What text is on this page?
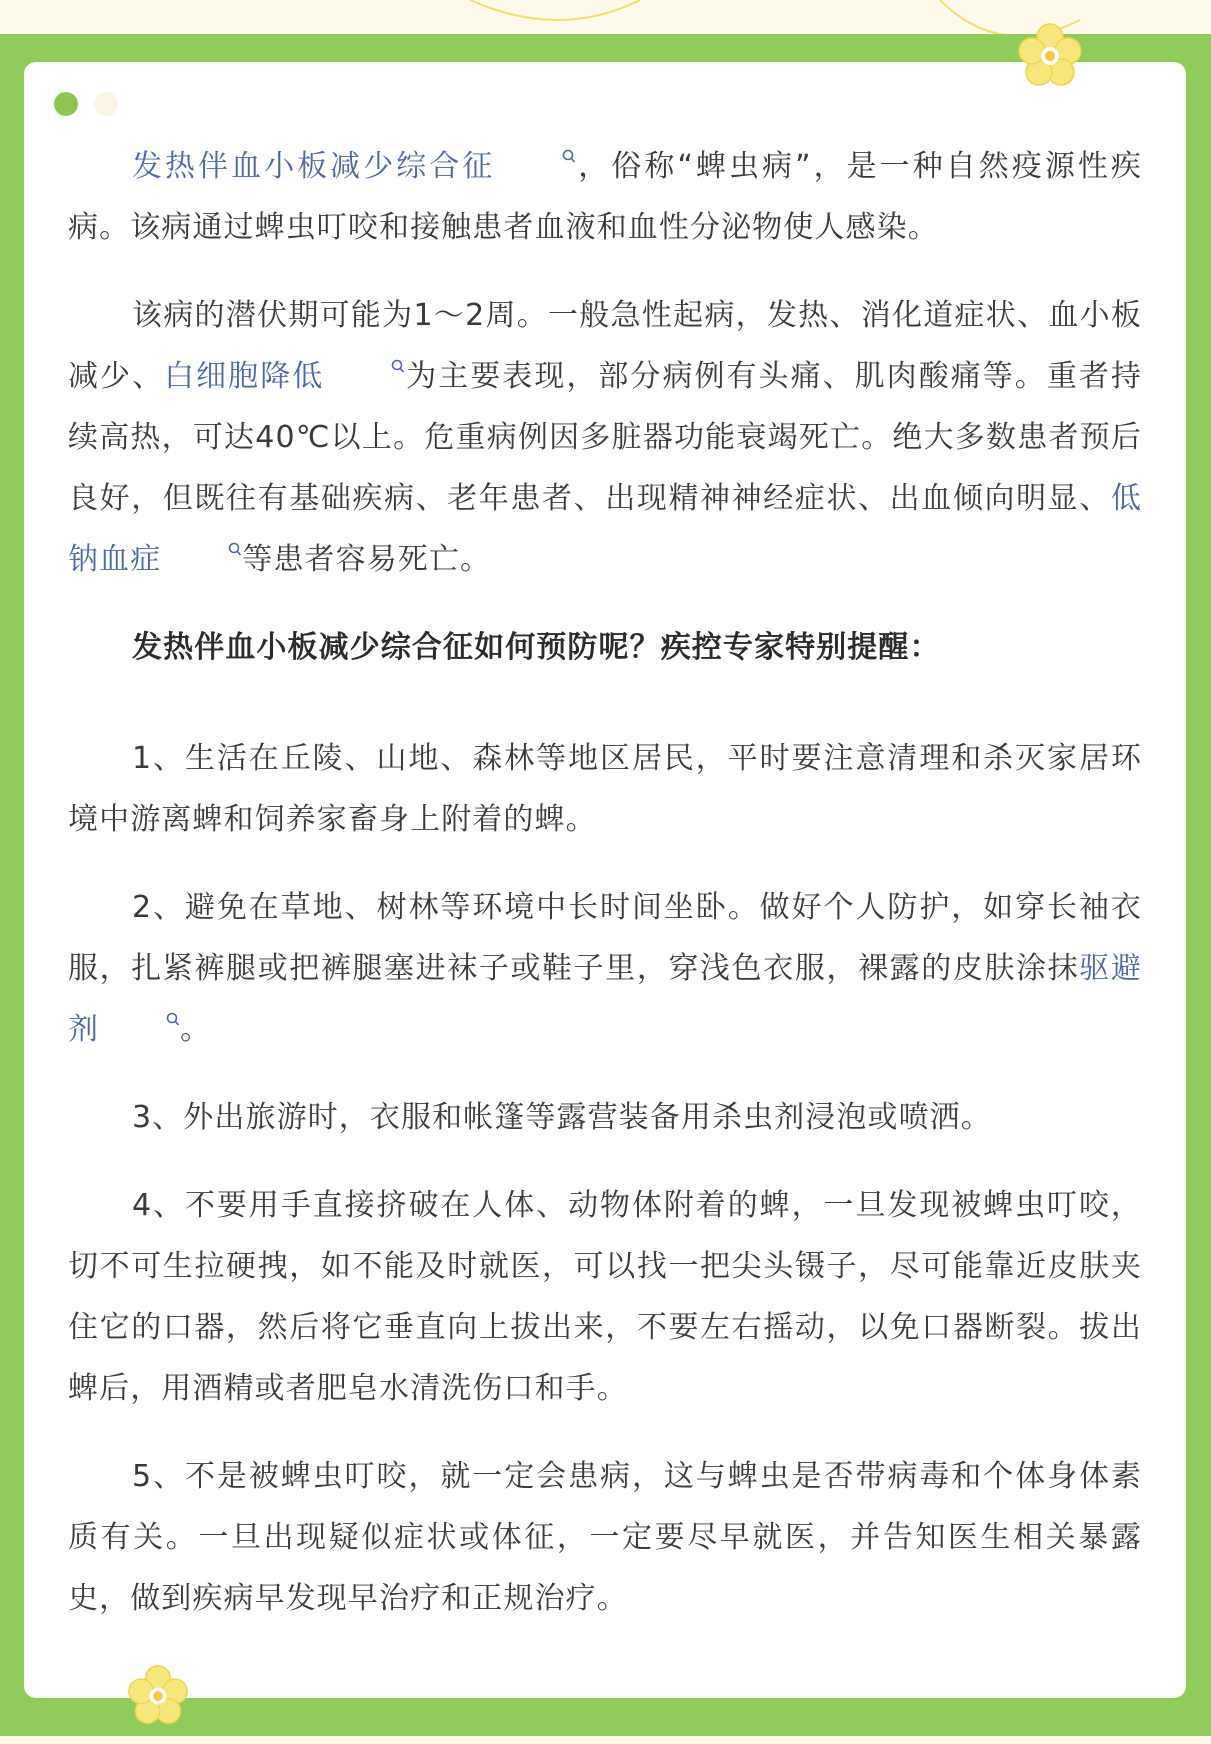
发热伴血小板减少综合征	，俗称“蜱虫病”，是一种自然疫源性疾病。该病通过蜱虫叮咬和接触患者血液和血性分泌物使人感染。

该病的潜伏期可能为1～2周。一般急性起病，发热、消化道症状、血小板减少、白细胞降低	为主要表现，部分病例有头痛、肌肉酸痛等。重者持续高热，可达40℃以上。危重病例因多脏器功能衰竭死亡。绝大多数患者预后良好，但既往有基础疾病、老年患者、出现精神神经症状、出血倾向明显、低钠血症	等患者容易死亡。

发热伴血小板减少综合征如何预防呢？疾控专家特别提醒：

1、生活在丘陵、山地、森林等地区居民，平时要注意清理和杀灭家居环境中游离蜱和饲养家畜身上附着的蜱。

2、避免在草地、树林等环境中长时间坐卧。做好个人防护，如穿长袖衣服，扎紧裤腿或把裤腿塞进袜子或鞋子里，穿浅色衣服，裸露的皮肤涂抹驱避剂	。

3、外出旅游时，衣服和帐篷等露营装备用杀虫剂浸泡或喷洒。

4、不要用手直接挤破在人体、动物体附着的蜱，一旦发现被蜱虫叮咬，切不可生拉硬拽，如不能及时就医，可以找一把尖头镊子，尽可能靠近皮肤夹住它的口器，然后将它垂直向上拔出来，不要左右摇动，以免口器断裂。拔出蜱后，用酒精或者肥皂水清洗伤口和手。

5、不是被蜱虫叮咬，就一定会患病，这与蜱虫是否带病毒和个体身体素质有关。一旦出现疑似症状或体征，一定要尽早就医，并告知医生相关暴露史，做到疾病早发现早治疗和正规治疗。
